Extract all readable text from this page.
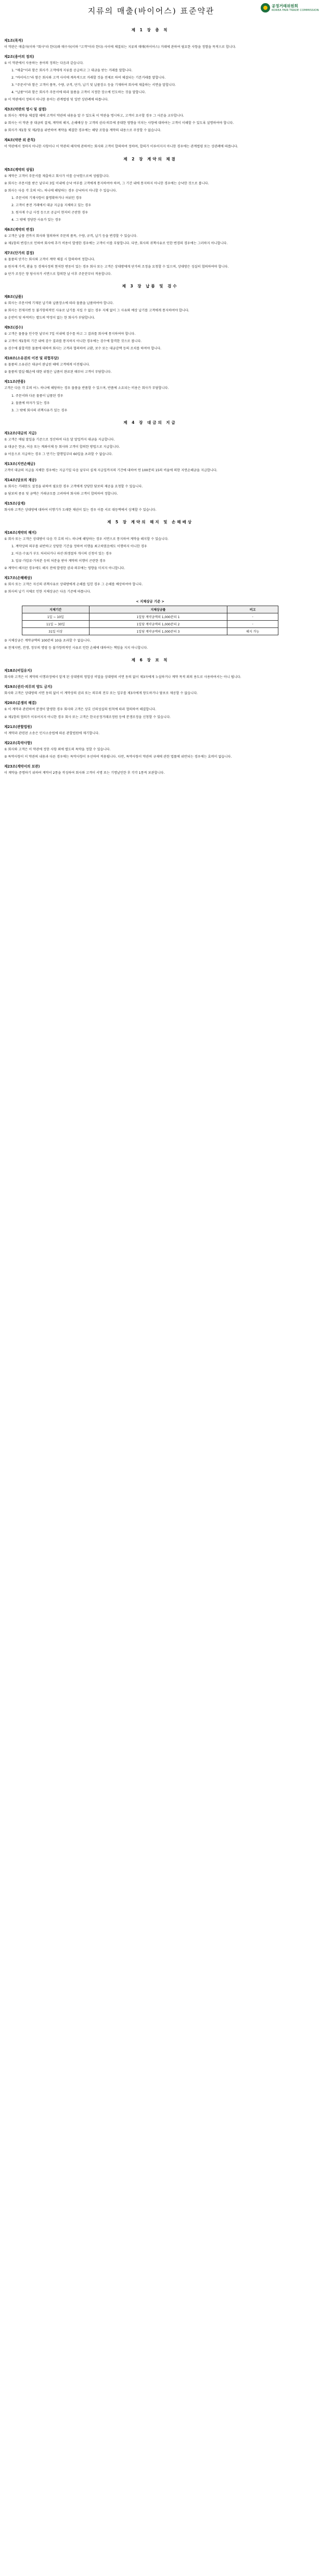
지류의 매출(바이어스) 표준약관
공정거래위원회
KOREA FAIR TRADE COMMISSION
제 1 장 총 칙
제1조(목적)
이 약관은 매출자(이하 "회사"라 한다)와 매수자(이하 "고객"이라 한다) 사이에 체결되는 지류의 매매(바이어스) 거래에 관하여 필요한 사항을 정함을 목적으로 합니다.
제2조(용어의 정의)
① 이 약관에서 사용하는 용어의 정의는 다음과 같습니다.
1. "매출"이라 함은 회사가 고객에게 지류를 공급하고 그 대금을 받는 거래를 말합니다.
2. "바이어스"라 함은 회사와 고객 사이에 계속적으로 거래할 것을 전제로 하여 체결되는 기본거래를 말합니다.
3. "주문서"라 함은 고객이 품목, 수량, 규격, 단가, 납기 및 납품장소 등을 기재하여 회사에 제출하는 서면을 말합니다.
4. "납품"이라 함은 회사가 주문서에 따라 물품을 고객이 지정한 장소에 인도하는 것을 말합니다.
② 이 약관에서 정하지 아니한 용어는 관계법령 및 일반 상관례에 따릅니다.
제3조(약관의 명시 및 설명)
① 회사는 계약을 체결할 때에 고객이 약관의 내용을 알 수 있도록 이 약관을 명시하고, 고객이 요구할 경우 그 사본을 교부합니다.
② 회사는 이 약관 중 대금의 결제, 계약의 해지, 손해배상 등 고객의 권리·의무에 중대한 영향을 미치는 사항에 대하여는 고객이 이해할 수 있도록 설명하여야 합니다.
③ 회사가 제1항 및 제2항을 위반하여 계약을 체결한 경우에는 해당 조항을 계약의 내용으로 주장할 수 없습니다.
제4조(약관 외 준칙)
이 약관에서 정하지 아니한 사항이나 이 약관의 해석에 관하여는 회사와 고객이 합의하여 정하며, 합의가 이루어지지 아니한 경우에는 관계법령 또는 상관례에 따릅니다.
제 2 장 계약의 체결
제5조(계약의 성립)
① 계약은 고객이 주문서를 제출하고 회사가 이를 승낙함으로써 성립합니다.
② 회사는 주문서를 받은 날부터 3일 이내에 승낙 여부를 고객에게 통지하여야 하며, 그 기간 내에 통지하지 아니한 경우에는 승낙한 것으로 봅니다.
③ 회사는 다음 각 호의 어느 하나에 해당하는 경우 승낙하지 아니할 수 있습니다.
1. 주문서의 기재사항이 불명확하거나 허위인 경우
2. 고객이 종전 거래에서 대금 지급을 지체하고 있는 경우
3. 원자재 수급 사정 등으로 공급이 현저히 곤란한 경우
4. 그 밖에 정당한 사유가 있는 경우
제6조(계약의 변경)
① 고객은 납품 전까지 회사와 협의하여 주문의 품목, 수량, 규격, 납기 등을 변경할 수 있습니다.
② 제1항의 변경으로 인하여 회사에 추가 비용이 발생한 경우에는 고객이 이를 부담합니다. 다만, 회사의 귀책사유로 인한 변경의 경우에는 그러하지 아니합니다.
제7조(단가의 결정)
① 물품의 단가는 회사와 고객이 계약 체결 시 합의하여 정합니다.
② 원자재 가격, 환율 등 경제사정의 현저한 변동이 있는 경우 회사 또는 고객은 상대방에게 단가의 조정을 요청할 수 있으며, 상대방은 성실히 협의하여야 합니다.
③ 단가 조정은 양 당사자가 서면으로 합의한 날 이후 주문분부터 적용합니다.
제 3 장 납품 및 검수
제8조(납품)
① 회사는 주문서에 기재된 납기와 납품장소에 따라 물품을 납품하여야 합니다.
② 회사는 천재지변 등 불가항력적인 사유로 납기를 지킬 수 없는 경우 지체 없이 그 사유와 예상 납기를 고객에게 통지하여야 합니다.
③ 운반비 및 하역비는 별도의 약정이 없는 한 회사가 부담합니다.
제9조(검수)
① 고객은 물품을 인수한 날부터 7일 이내에 검수를 하고 그 결과를 회사에 통지하여야 합니다.
② 고객이 제1항의 기간 내에 검수 결과를 통지하지 아니한 경우에는 검수에 합격한 것으로 봅니다.
③ 검수에 불합격한 물품에 대하여 회사는 고객과 협의하여 교환, 보수 또는 대금감액 등의 조치를 하여야 합니다.
제10조(소유권의 이전 및 위험부담)
① 물품의 소유권은 대금이 완납된 때에 고객에게 이전됩니다.
② 물품의 멸실·훼손에 대한 위험은 납품이 완료된 때부터 고객이 부담합니다.
제11조(반품)
고객은 다음 각 호의 어느 하나에 해당하는 경우 물품을 반품할 수 있으며, 반품에 소요되는 비용은 회사가 부담합니다.
1. 주문서와 다른 물품이 납품된 경우
2. 물품에 하자가 있는 경우
3. 그 밖에 회사의 귀책사유가 있는 경우
제 4 장 대금의 지급
제12조(대금의 지급)
① 고객은 매월 말일을 기준으로 정산하여 다음 달 말일까지 대금을 지급합니다.
② 대금은 현금, 어음 또는 계좌이체 등 회사와 고객이 합의한 방법으로 지급합니다.
③ 어음으로 지급하는 경우 그 만기는 발행일부터 60일을 초과할 수 없습니다.
제13조(지연손해금)
고객이 대금의 지급을 지체한 경우에는 지급기일 다음 날부터 실제 지급일까지의 기간에 대하여 연 100분의 15의 비율에 의한 지연손해금을 지급합니다.
제14조(담보의 제공)
① 회사는 거래한도 설정을 위하여 필요한 경우 고객에게 상당한 담보의 제공을 요청할 수 있습니다.
② 담보의 종류 및 금액은 거래규모를 고려하여 회사와 고객이 합의하여 정합니다.
제15조(상계)
회사와 고객은 상대방에 대하여 이행기가 도래한 채권이 있는 경우 이를 서로 대등액에서 상계할 수 있습니다.
제 5 장 계약의 해지 및 손해배상
제16조(계약의 해지)
① 회사 또는 고객은 상대방이 다음 각 호의 어느 하나에 해당하는 경우 서면으로 통지하여 계약을 해지할 수 있습니다.
1. 계약상의 의무를 위반하고 상당한 기간을 정하여 이행을 최고하였음에도 이행하지 아니한 경우
2. 어음·수표가 부도 처리되거나 파산·회생절차 개시의 신청이 있는 경우
3. 압류·가압류·가처분 등의 처분을 받아 계약의 이행이 곤란한 경우
② 계약이 해지된 경우에도 해지 전에 발생한 권리·의무에는 영향을 미치지 아니합니다.
제17조(손해배상)
① 회사 또는 고객은 자신의 귀책사유로 상대방에게 손해를 입힌 경우 그 손해를 배상하여야 합니다.
② 회사의 납기 지체로 인한 지체상금은 다음 기준에 따릅니다.
< 지체상금 기준 >
지체기간	지체상금률	비고
1일 ~ 10일	1일당 계약금액의 1,000분의 1	-
11일 ~ 30일	1일당 계약금액의 1,000분의 2	-
31일 이상	1일당 계약금액의 1,000분의 3	해지 가능
③ 지체상금은 계약금액의 100분의 10을 초과할 수 없습니다.
④ 천재지변, 전쟁, 정부의 명령 등 불가항력적인 사유로 인한 손해에 대하여는 책임을 지지 아니합니다.
제 6 장 보 칙
제18조(비밀유지)
회사와 고객은 이 계약의 이행과정에서 알게 된 상대방의 영업상 비밀을 상대방의 서면 동의 없이 제3자에게 누설하거나 계약 목적 외의 용도로 사용하여서는 아니 됩니다.
제19조(권리·의무의 양도 금지)
회사와 고객은 상대방의 서면 동의 없이 이 계약상의 권리 또는 의무의 전부 또는 일부를 제3자에게 양도하거나 담보로 제공할 수 없습니다.
제20조(분쟁의 해결)
① 이 계약과 관련하여 분쟁이 발생한 경우 회사와 고객은 상호 신의성실의 원칙에 따라 협의하여 해결합니다.
② 제1항의 협의가 이루어지지 아니한 경우 회사 또는 고객은 한국공정거래조정원 등에 분쟁조정을 신청할 수 있습니다.
제21조(관할법원)
이 계약과 관련된 소송은 민사소송법에 따른 관할법원에 제기합니다.
제22조(특약사항)
① 회사와 고객은 이 약관에 정한 사항 외에 별도의 특약을 정할 수 있습니다.
② 특약사항이 이 약관의 내용과 다른 경우에는 특약사항이 우선하여 적용됩니다. 다만, 특약사항이 약관의 규제에 관한 법률에 위반되는 경우에는 효력이 없습니다.
제23조(계약서의 보관)
이 계약을 증명하기 위하여 계약서 2통을 작성하여 회사와 고객이 서명 또는 기명날인한 후 각각 1통씩 보관합니다.
